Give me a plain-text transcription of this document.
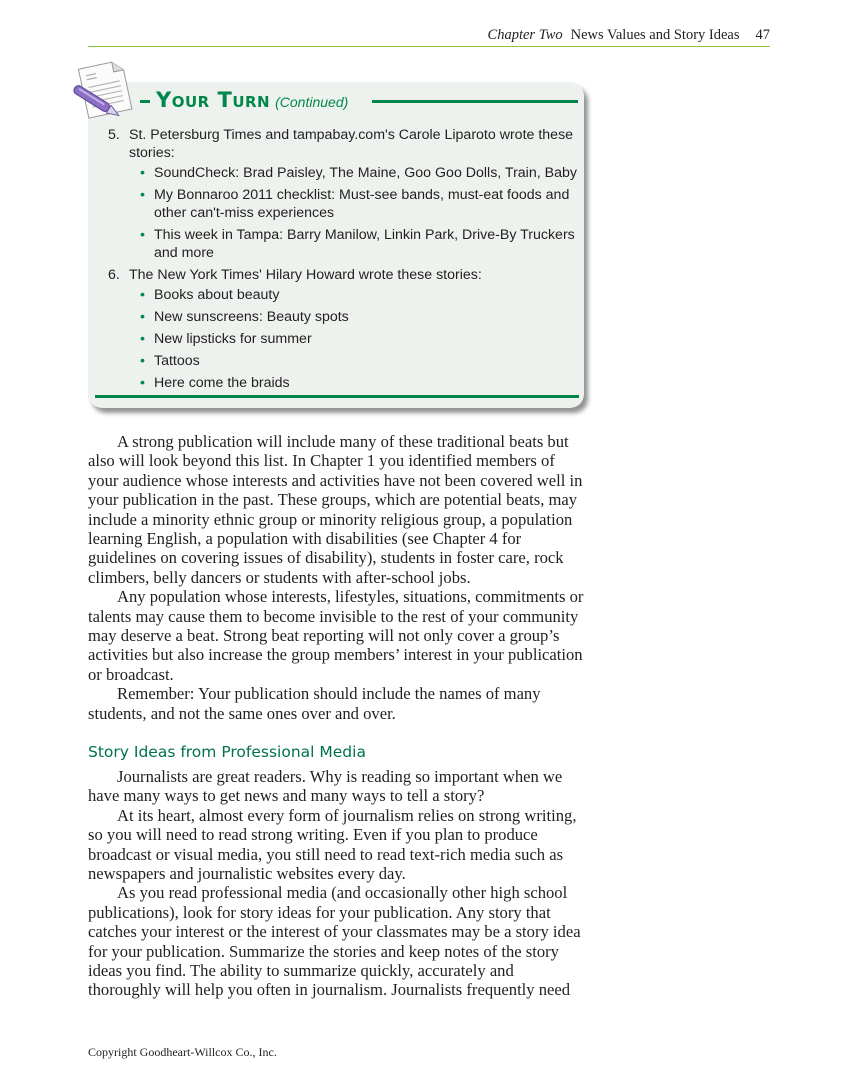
Chapter Two News Values and Story Ideas 47
Your Turn (Continued)
5. St. Petersburg Times and tampabay.com's Carole Liparoto wrote these stories:
• SoundCheck: Brad Paisley, The Maine, Goo Goo Dolls, Train, Baby
• My Bonnaroo 2011 checklist: Must-see bands, must-eat foods and other can't-miss experiences
• This week in Tampa: Barry Manilow, Linkin Park, Drive-By Truckers and more
6. The New York Times' Hilary Howard wrote these stories:
• Books about beauty
• New sunscreens: Beauty spots
• New lipsticks for summer
• Tattoos
• Here come the braids

A strong publication will include many of these traditional beats but also will look beyond this list. In Chapter 1 you identified members of your audience whose interests and activities have not been covered well in your publication in the past. These groups, which are potential beats, may include a minority ethnic group or minority religious group, a population learning English, a population with disabilities (see Chapter 4 for guidelines on covering issues of disability), students in foster care, rock climbers, belly dancers or students with after-school jobs.

Any population whose interests, lifestyles, situations, commitments or talents may cause them to become invisible to the rest of your community may deserve a beat. Strong beat reporting will not only cover a group’s activities but also increase the group members’ interest in your publication or broadcast.

Remember: Your publication should include the names of many students, and not the same ones over and over.

Story Ideas from Professional Media

Journalists are great readers. Why is reading so important when we have many ways to get news and many ways to tell a story?

At its heart, almost every form of journalism relies on strong writing, so you will need to read strong writing. Even if you plan to produce broadcast or visual media, you still need to read text-rich media such as newspapers and journalistic websites every day.

As you read professional media (and occasionally other high school publications), look for story ideas for your publication. Any story that catches your interest or the interest of your classmates may be a story idea for your publication. Summarize the stories and keep notes of the story ideas you find. The ability to summarize quickly, accurately and thoroughly will help you often in journalism. Journalists frequently need

Copyright Goodheart-Willcox Co., Inc.
